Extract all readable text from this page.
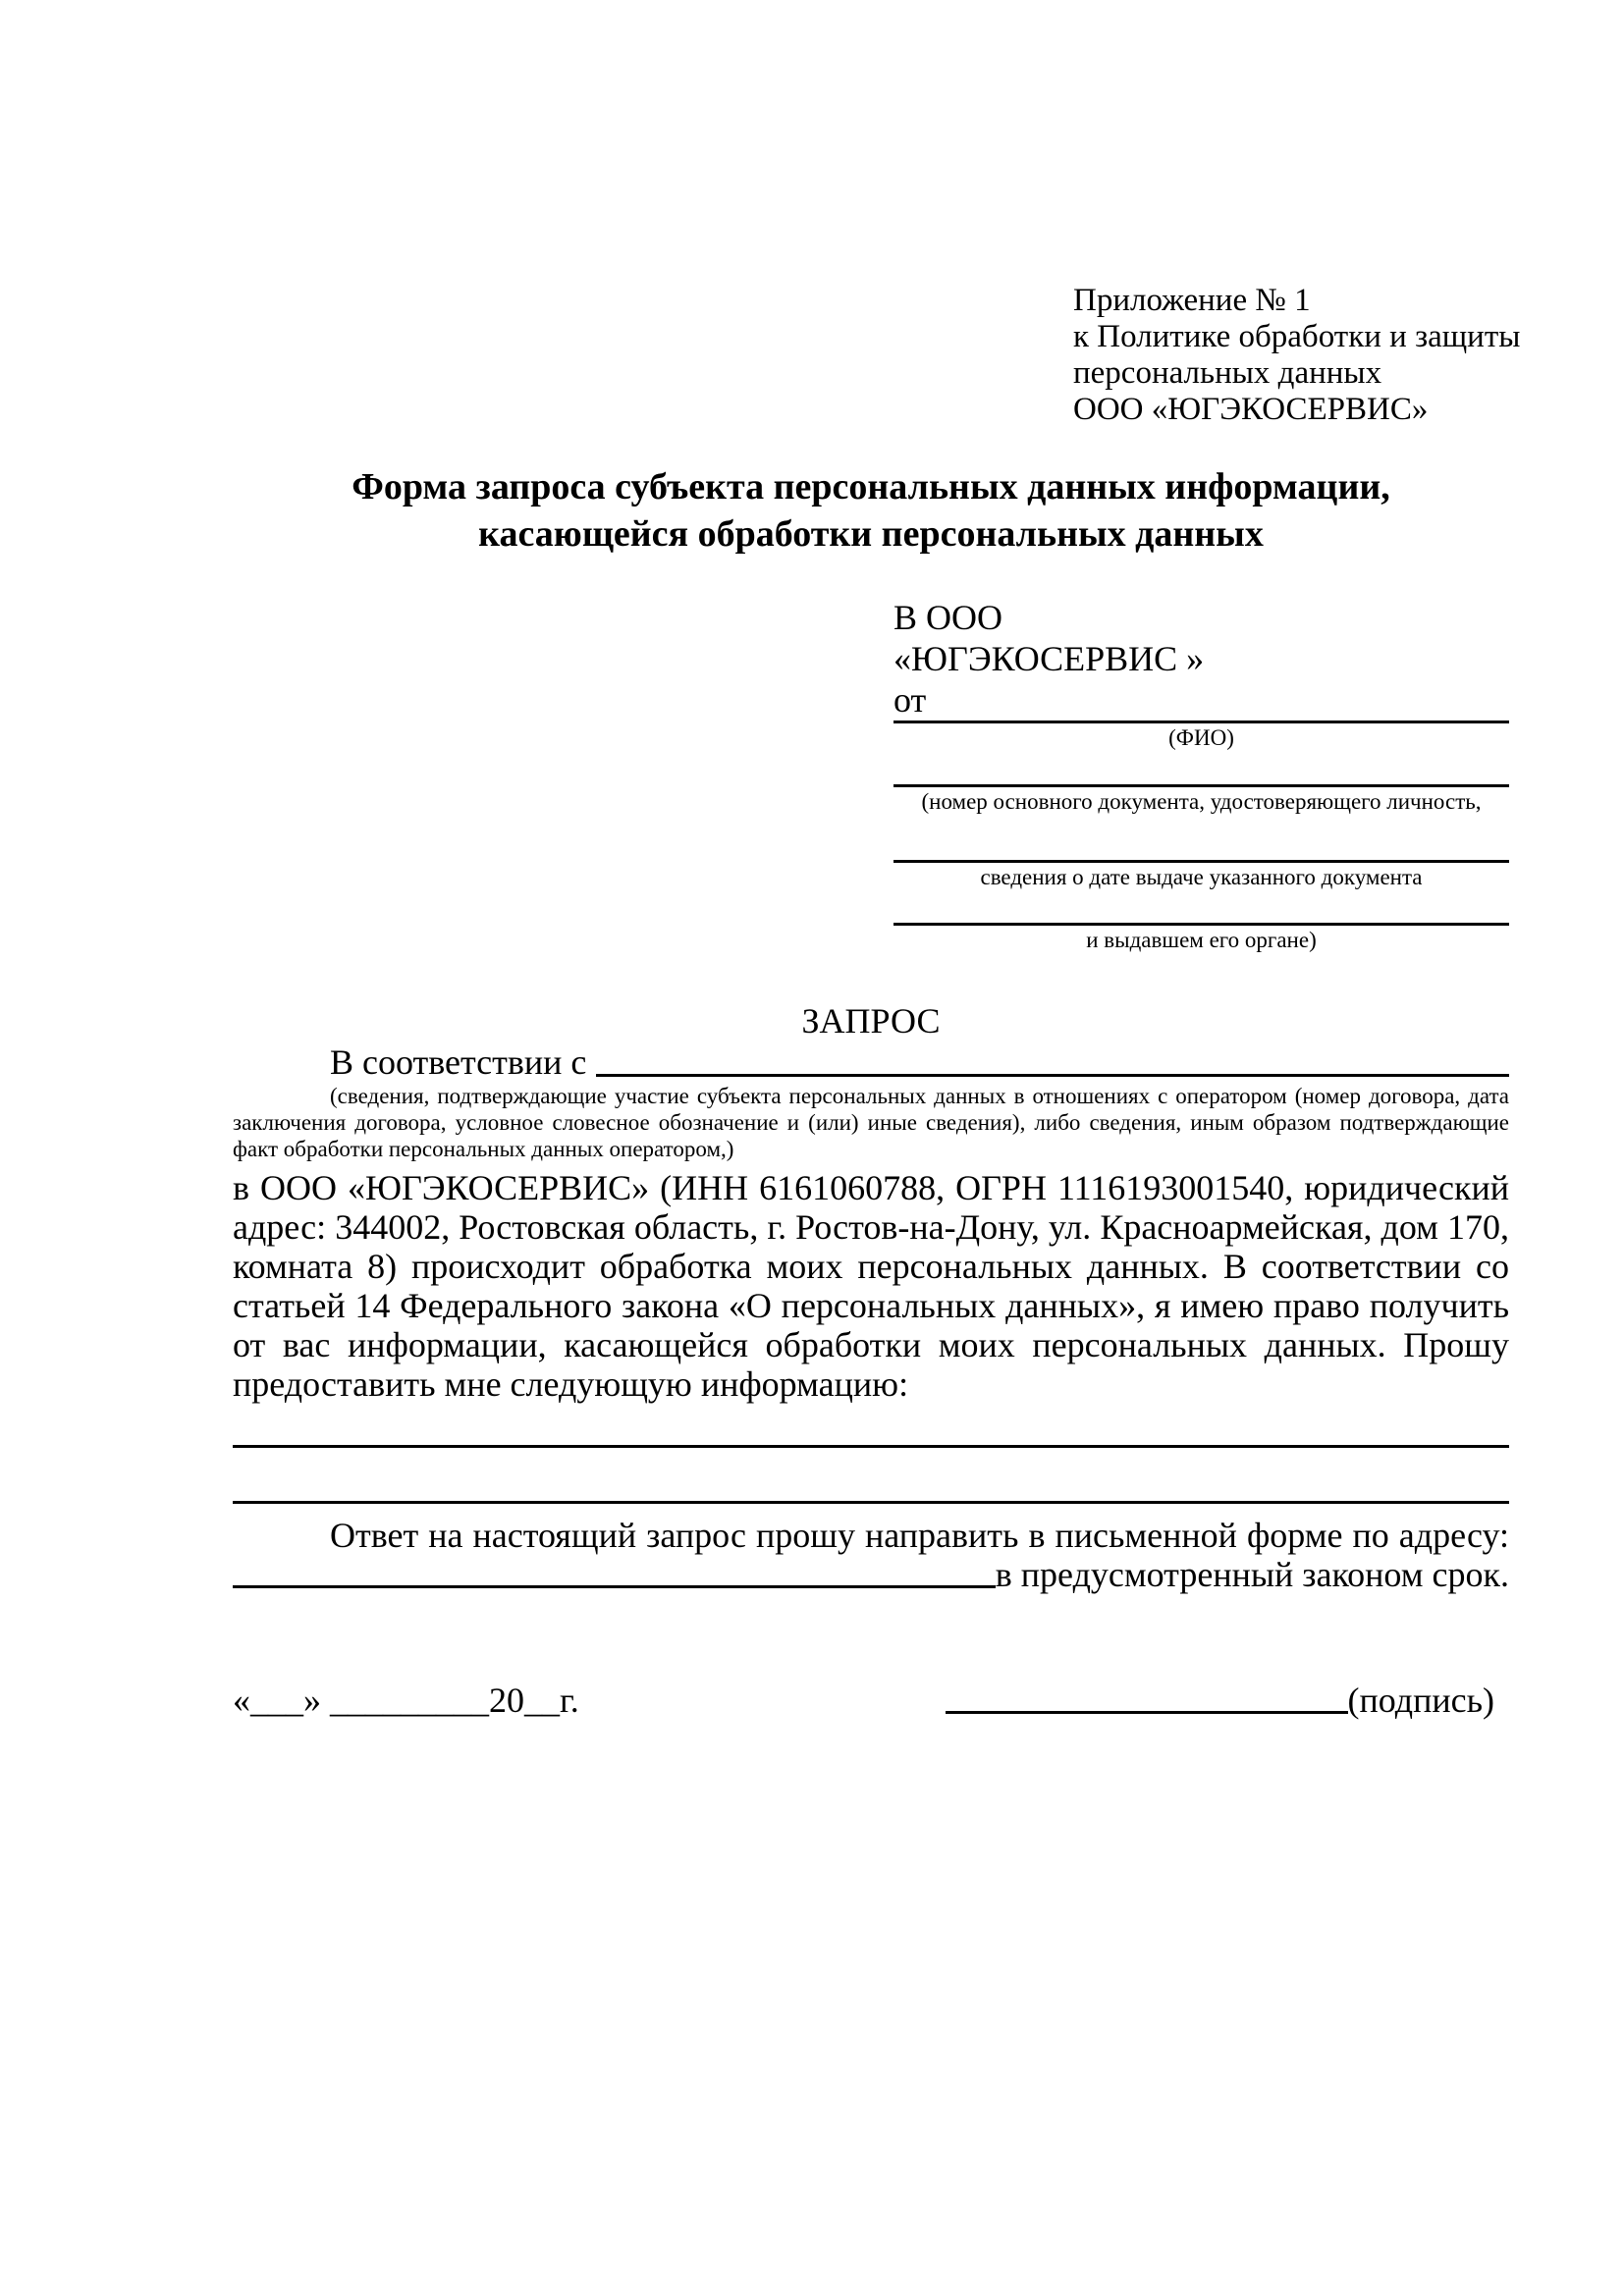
Приложение № 1
к Политике обработки и защиты
персональных данных
ООО «ЮГЭКОСЕРВИС»
Форма запроса субъекта персональных данных информации,
касающейся обработки персональных данных
В ООО
«ЮГЭКОСЕРВИС »
от
(ФИО)
(номер основного документа, удостоверяющего личность,
сведения о дате выдаче указанного документа
и выдавшем его органе)
ЗАПРОС
В соответствии с
(сведения, подтверждающие участие субъекта персональных данных в отношениях с оператором (номер договора, дата заключения договора, условное словесное обозначение и (или) иные сведения), либо сведения, иным образом подтверждающие факт обработки персональных данных оператором,)
в ООО «ЮГЭКОСЕРВИС» (ИНН 6161060788, ОГРН 1116193001540, юридический адрес: 344002, Ростовская область, г. Ростов-на-Дону, ул. Красноармейская, дом 170, комната 8) происходит обработка моих персональных данных. В соответствии со статьей 14 Федерального закона «О персональных данных», я имею право получить от вас информации, касающейся обработки моих персональных данных. Прошу предоставить мне следующую информацию:
Ответ на настоящий запрос прошу направить в письменной форме по адресу:
в предусмотренный законом срок.
«___» _________20__г.	(подпись)
